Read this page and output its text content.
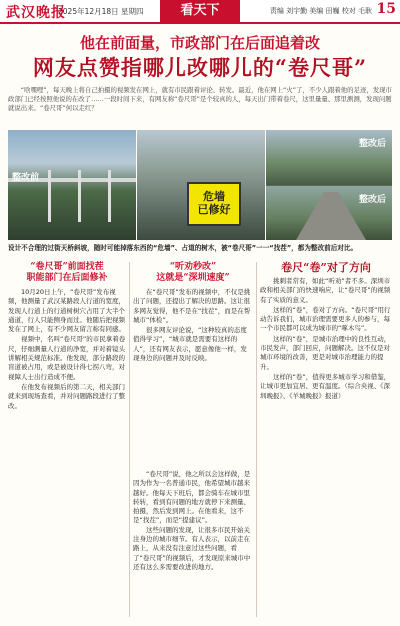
武汉晚报
2025年12月18日 星期四	看天下	责编 刘宇勤 美编 田巍 校对 毛耿 15
他在前面量，市政部门在后面追着改
网友点赞指哪儿改哪儿的“卷尺哥”
“啥嘿哩”，每天晚上将自己拍摄的视频发在网上，就有市民跟着评论、转发。最近，他在网上“火”了，不少人跟着他的足迹，发现市政部门已经按照他说的在改了……一段时间下来，有网友称“卷尺哥”是个较真的人，每天出门带着卷尺，这里量量、那里测测，发现问题就说出来。“卷尺哥”何以走红？
整改前
危墙
已修好
整改后
整改后
设计不合理的过街天桥斜坡，随时可能掉落东西的“危墙”、占道的树木，被“卷尺哥”一一“找茬”，都为整改前后对比。
“卷尺哥”前面找茬
职能部门在后面修补

10月20日上午，“卷尺哥”发布视频，他测量了武汉某路段人行道的宽度，发现人行道上的行道树树穴占用了大半个通道，行人只能侧身而过。他随后把视频发在了网上，有不少网友留言称有同感。

视频中，名叫“卷尺哥”的市民拿着卷尺，仔细测量人行道的净宽，并对着镜头讲解相关规范标准。他发现，部分路段的盲道被占用，或是被设计得七拐八弯，对视障人士出行造成不便。

在他发布视频后的第二天，相关部门就来到现场查看，并对问题路段进行了整改。

“听劝秒改”
这就是“深圳速度”

在“卷尺哥”发布的视频中，不仅是挑出了问题，还提出了解决的思路。这让很多网友觉得，他不是在“找茬”，而是在帮城市“体检”。

很多网友评论说，“这种较真的态度值得学习”，“城市就是需要有这样的人”，还有网友表示，愿意像他一样，发现身边的问题并及时反映。

卷尺“卷”对了方向

挑刺者常有，如此“听劝”者不多。深圳市政和相关部门的快速响应，让“卷尺哥”的视频有了实质的意义。

这样的“卷”，卷对了方向。“卷尺哥”用行动告诉我们，城市治理需要更多人的参与，每一个市民都可以成为城市的“啄木鸟”。

这样的“卷”，是城市治理中的良性互动，市民发声，部门回应，问题解决。这不仅是对城市环境的改善，更是对城市治理能力的提升。

这样的“卷”，值得更多城市学习和借鉴，让城市更加宜居、更有温度。（综合央视、《深圳晚报》、《羊城晚报》报道）

“卷尺哥”说，他之所以会这样做，是因为作为一名普通市民，他希望城市越来越好。他每天下班后，都会骑车在城市里转转，看到有问题的地方就停下来测量、拍摄，然后发到网上。在他看来，这不是“找茬”，而是“提建议”。

这些问题的发现，让很多市民开始关注身边的城市细节。有人表示，以前走在路上，从来没有注意过这些问题，看了“卷尺哥”的视频后，才发现原来城市中还有这么多需要改进的地方。
